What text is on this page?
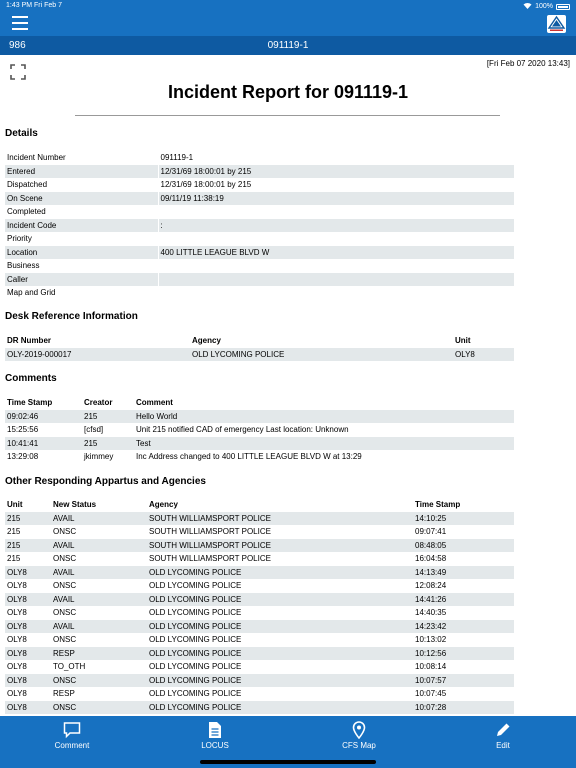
1:43 PM Fri Feb 7	100%
986	091119-1
[Fri Feb 07 2020 13:43]
Incident Report for 091119-1
Details
Incident Number	091119-1
Entered	12/31/69 18:00:01 by 215
Dispatched	12/31/69 18:00:01 by 215
On Scene	09/11/19 11:38:19
Completed	
Incident Code	:
Priority	
Location	400 LITTLE LEAGUE BLVD W
Business	
Caller	
Map and Grid	
Desk Reference Information
DR Number	Agency	Unit
OLY-2019-000017	OLD LYCOMING POLICE	OLY8
Comments
Time Stamp	Creator	Comment
09:02:46	215	Hello World
15:25:56	[cfsd]	Unit 215 notified CAD of emergency Last location: Unknown
10:41:41	215	Test
13:29:08	jkimmey	Inc Address changed to 400 LITTLE LEAGUE BLVD W at 13:29
Other Responding Appartus and Agencies
Unit	New Status	Agency	Time Stamp
215	AVAIL	SOUTH WILLIAMSPORT POLICE	14:10:25
215	ONSC	SOUTH WILLIAMSPORT POLICE	09:07:41
215	AVAIL	SOUTH WILLIAMSPORT POLICE	08:48:05
215	ONSC	SOUTH WILLIAMSPORT POLICE	16:04:58
OLY8	AVAIL	OLD LYCOMING POLICE	14:13:49
OLY8	ONSC	OLD LYCOMING POLICE	12:08:24
OLY8	AVAIL	OLD LYCOMING POLICE	14:41:26
OLY8	ONSC	OLD LYCOMING POLICE	14:40:35
OLY8	AVAIL	OLD LYCOMING POLICE	14:23:42
OLY8	ONSC	OLD LYCOMING POLICE	10:13:02
OLY8	RESP	OLD LYCOMING POLICE	10:12:56
OLY8	TO_OTH	OLD LYCOMING POLICE	10:08:14
OLY8	ONSC	OLD LYCOMING POLICE	10:07:57
OLY8	RESP	OLD LYCOMING POLICE	10:07:45
OLY8	ONSC	OLD LYCOMING POLICE	10:07:28
Comment	LOCUS	CFS Map	Edit
